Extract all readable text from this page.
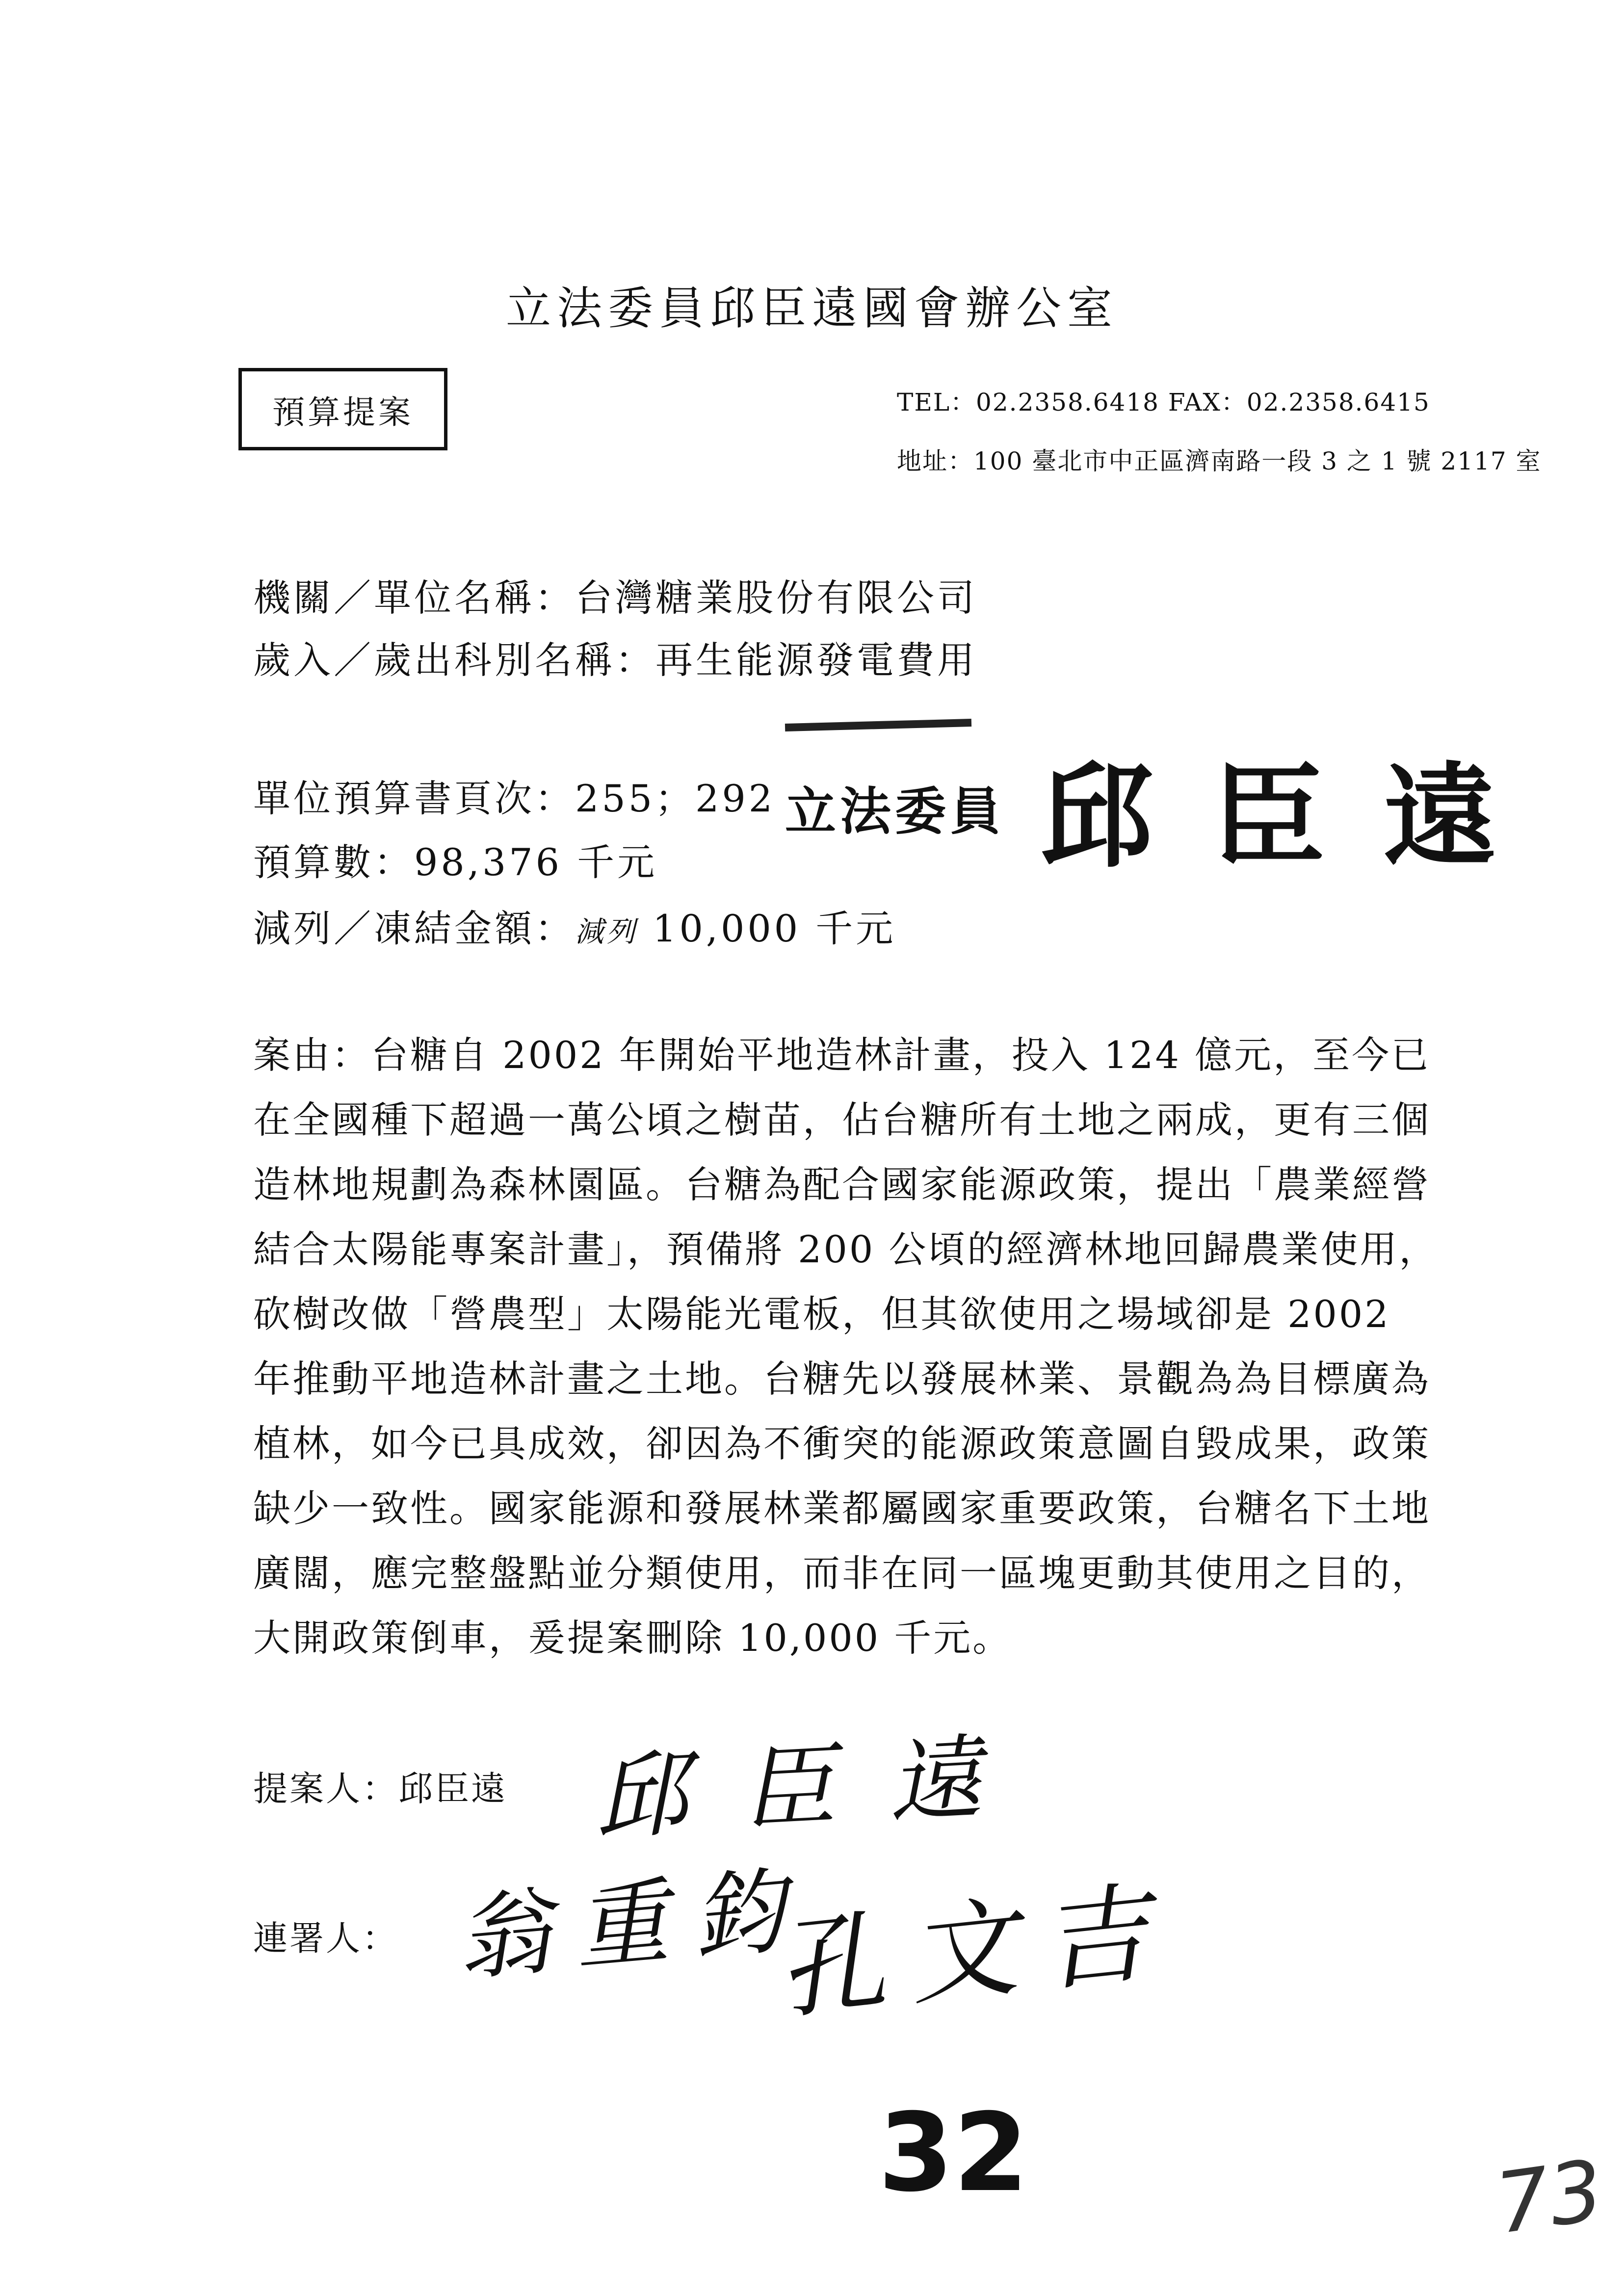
立法委員邱臣遠國會辦公室
預算提案	TEL：02.2358.6418 FAX：02.2358.6415
地址：100 臺北市中正區濟南路一段 3 之 1 號 2117 室
機關／單位名稱：台灣糖業股份有限公司
歲入／歲出科別名稱：再生能源發電費用
單位預算書頁次：255；292
預算數：98,376 千元
減列／凍結金額：減列 10,000 千元
立法委員 邱臣遠

案由：台糖自 2002 年開始平地造林計畫，投入 124 億元，至今已在全國種下超過一萬公頃之樹苗，佔台糖所有土地之兩成，更有三個造林地規劃為森林園區。台糖為配合國家能源政策，提出「農業經營結合太陽能專案計畫」，預備將 200 公頃的經濟林地回歸農業使用，砍樹改做「營農型」太陽能光電板，但其欲使用之場域卻是 2002 年推動平地造林計畫之土地。台糖先以發展林業、景觀為為目標廣為植林，如今已具成效，卻因為不衝突的能源政策意圖自毀成果，政策缺少一致性。國家能源和發展林業都屬國家重要政策，台糖名下土地廣闊，應完整盤點並分類使用，而非在同一區塊更動其使用之目的，大開政策倒車，爰提案刪除 10,000 千元。

提案人：邱臣遠 邱臣遠
連署人： 翁重鈞
孔文吉
32	73
